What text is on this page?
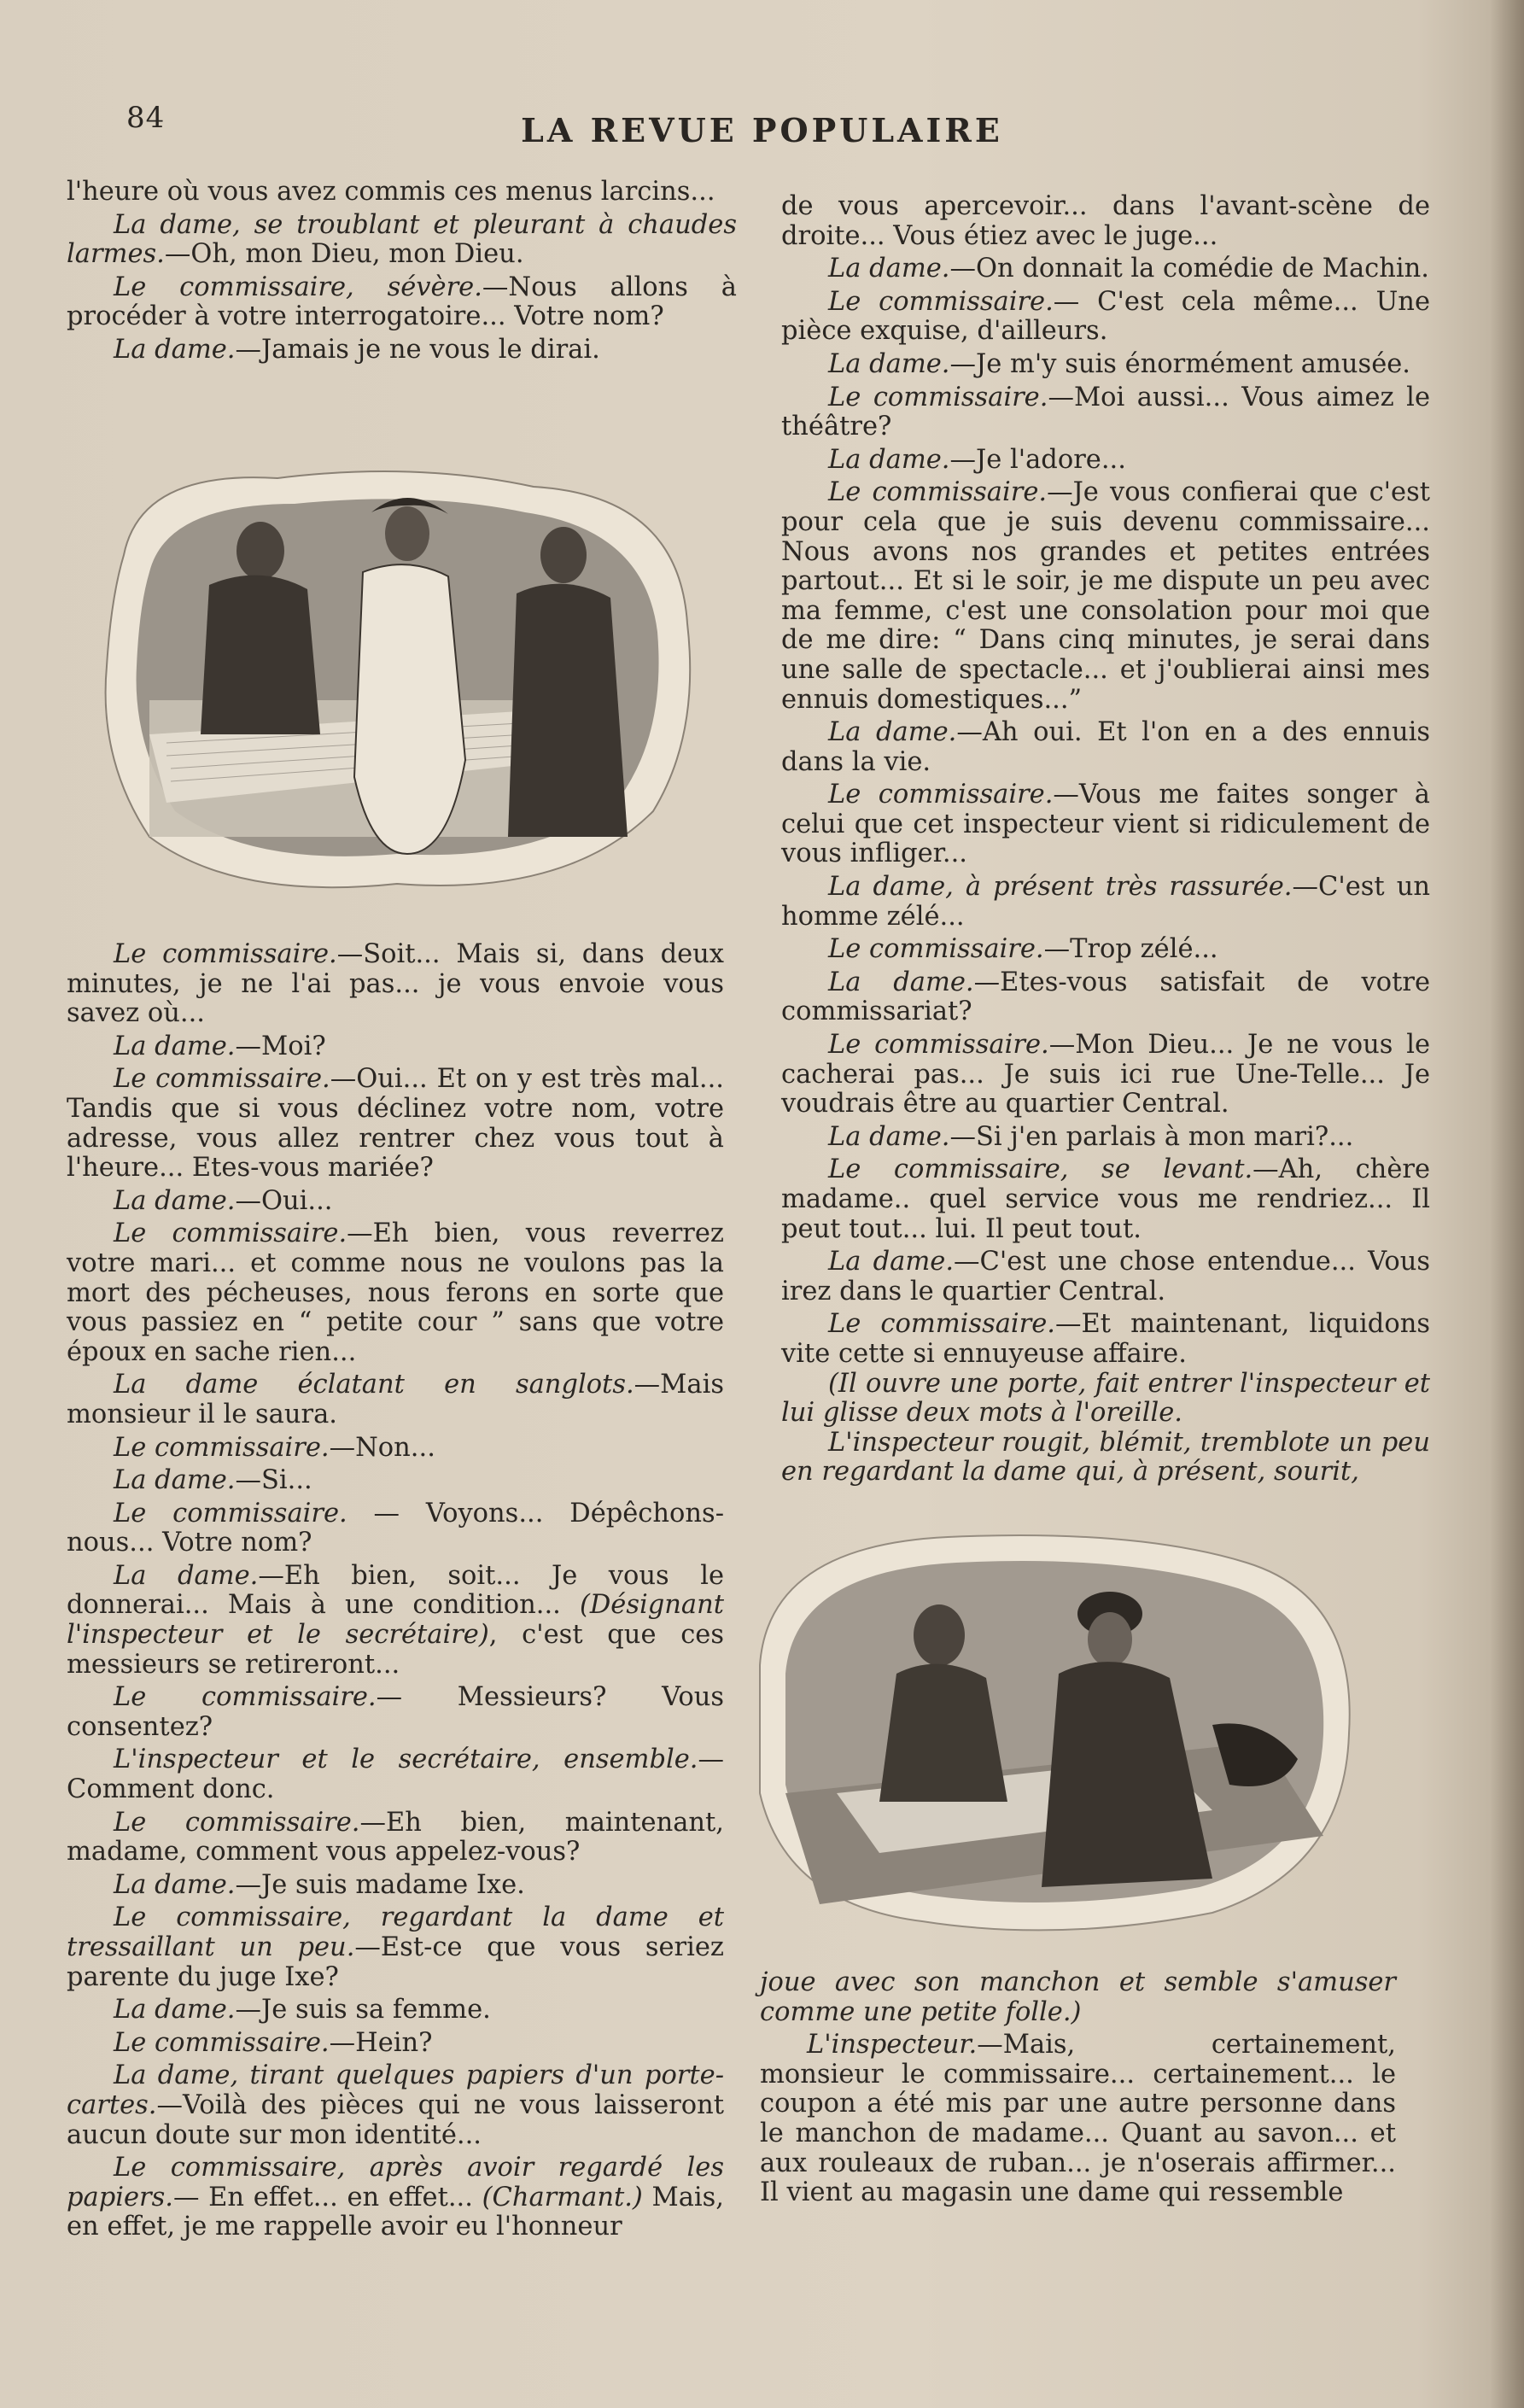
84	LA REVUE POPULAIRE

l'heure où vous avez commis ces menus larcins...

La dame, se troublant et pleurant à chaudes larmes.—Oh, mon Dieu, mon Dieu.

Le commissaire, sévère.—Nous allons à procéder à votre interrogatoire... Votre nom?

La dame.—Jamais je ne vous le dirai.

Le commissaire.—Soit... Mais si, dans deux minutes, je ne l'ai pas... je vous envoie vous savez où...

La dame.—Moi?

Le commissaire.—Oui... Et on y est très mal... Tandis que si vous déclinez votre nom, votre adresse, vous allez rentrer chez vous tout à l'heure... Etes-vous mariée?

La dame.—Oui...

Le commissaire.—Eh bien, vous reverrez votre mari... et comme nous ne voulons pas la mort des pécheuses, nous ferons en sorte que vous passiez en “ petite cour ” sans que votre époux en sache rien...

La dame éclatant en sanglots.—Mais monsieur il le saura.

Le commissaire.—Non...

La dame.—Si...

Le commissaire. — Voyons... Dépêchons-nous... Votre nom?

La dame.—Eh bien, soit... Je vous le donnerai... Mais à une condition... (Désignant l'inspecteur et le secrétaire), c'est que ces messieurs se retireront...

Le commissaire.— Messieurs? Vous consentez?

L'inspecteur et le secrétaire, ensemble.—Comment donc.

Le commissaire.—Eh bien, maintenant, madame, comment vous appelez-vous?

La dame.—Je suis madame Ixe.

Le commissaire, regardant la dame et tressaillant un peu.—Est-ce que vous seriez parente du juge Ixe?

La dame.—Je suis sa femme.

Le commissaire.—Hein?

La dame, tirant quelques papiers d'un porte-cartes.—Voilà des pièces qui ne vous laisseront aucun doute sur mon identité...

Le commissaire, après avoir regardé les papiers.— En effet... en effet... (Charmant.) Mais, en effet, je me rappelle avoir eu l'honneur

de vous apercevoir... dans l'avant-scène de droite... Vous étiez avec le juge...

La dame.—On donnait la comédie de Machin.

Le commissaire.— C'est cela même... Une pièce exquise, d'ailleurs.

La dame.—Je m'y suis énormément amusée.

Le commissaire.—Moi aussi... Vous aimez le théâtre?

La dame.—Je l'adore...

Le commissaire.—Je vous confierai que c'est pour cela que je suis devenu commissaire... Nous avons nos grandes et petites entrées partout... Et si le soir, je me dispute un peu avec ma femme, c'est une consolation pour moi que de me dire: “ Dans cinq minutes, je serai dans une salle de spectacle... et j'oublierai ainsi mes ennuis domestiques...”

La dame.—Ah oui. Et l'on en a des ennuis dans la vie.

Le commissaire.—Vous me faites songer à celui que cet inspecteur vient si ridiculement de vous infliger...

La dame, à présent très rassurée.—C'est un homme zélé...

Le commissaire.—Trop zélé...

La dame.—Etes-vous satisfait de votre commissariat?

Le commissaire.—Mon Dieu... Je ne vous le cacherai pas... Je suis ici rue Une-Telle... Je voudrais être au quartier Central.

La dame.—Si j'en parlais à mon mari?...

Le commissaire, se levant.—Ah, chère madame.. quel service vous me rendriez... Il peut tout... lui. Il peut tout.

La dame.—C'est une chose entendue... Vous irez dans le quartier Central.

Le commissaire.—Et maintenant, liquidons vite cette si ennuyeuse affaire.

(Il ouvre une porte, fait entrer l'inspecteur et lui glisse deux mots à l'oreille.

L'inspecteur rougit, blémit, tremblote un peu en regardant la dame qui, à présent, sourit,

joue avec son manchon et semble s'amuser comme une petite folle.)

L'inspecteur.—Mais, certainement, monsieur le commissaire... certainement... le coupon a été mis par une autre personne dans le manchon de madame... Quant au savon... et aux rouleaux de ruban... je n'oserais affirmer... Il vient au magasin une dame qui ressemble
